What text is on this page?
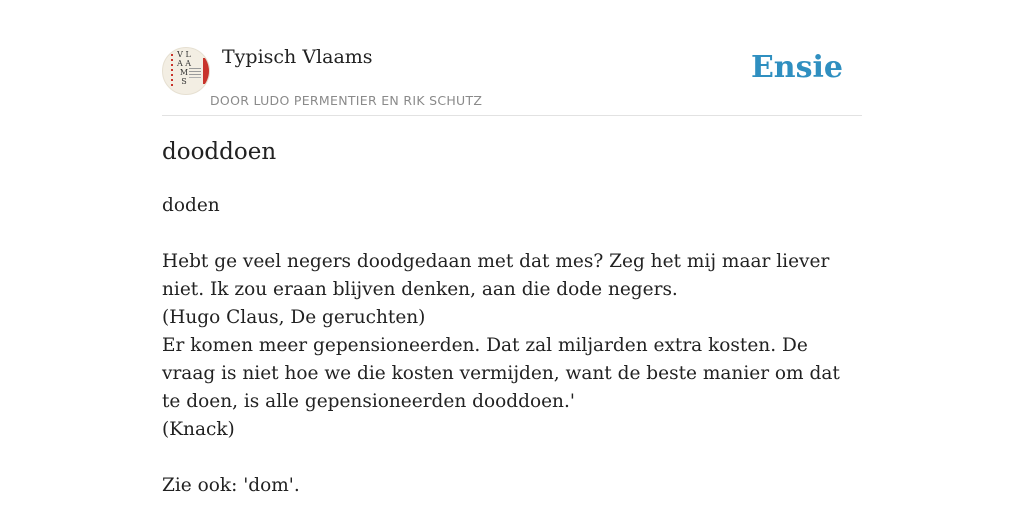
V L A A M S
Typisch Vlaams
DOOR LUDO PERMENTIER EN RIK SCHUTZ
Ensie
dooddoen

doden

Hebt ge veel negers doodgedaan met dat mes? Zeg het mij maar liever niet. Ik zou eraan blijven denken, aan die dode negers.

(Hugo Claus, De geruchten)

Er komen meer gepensioneerden. Dat zal miljarden extra kosten. De vraag is niet hoe we die kosten vermijden, want de beste manier om dat te doen, is alle gepensioneerden dooddoen.'

(Knack)

Zie ook: 'dom'.
